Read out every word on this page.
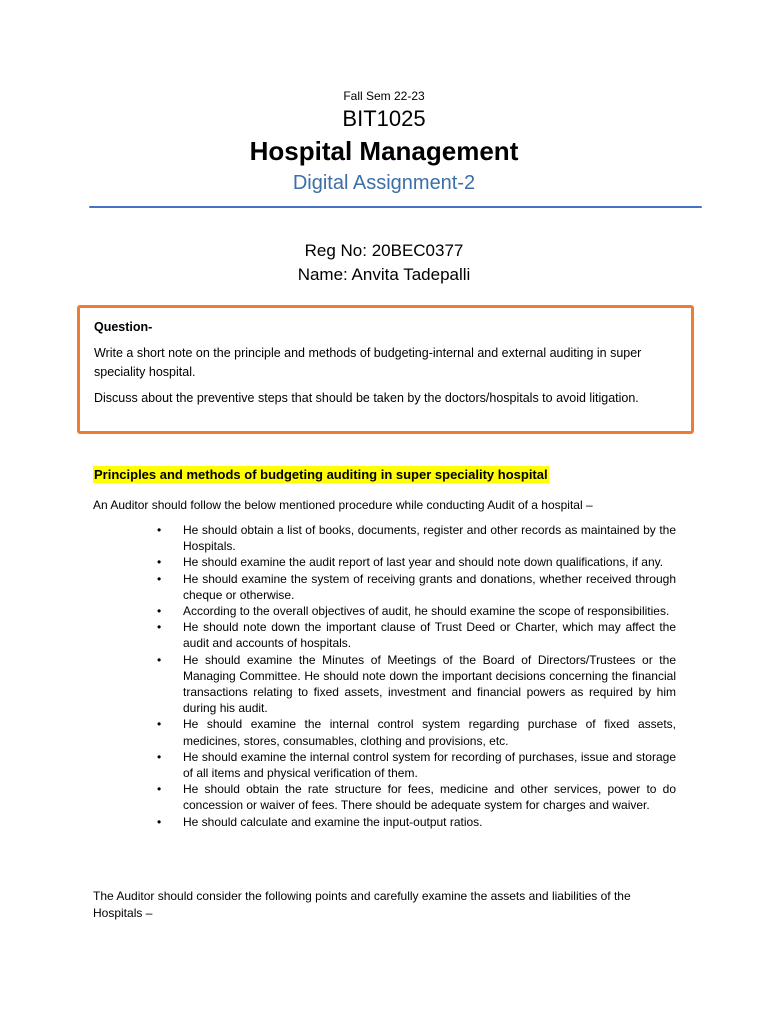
Fall Sem 22-23
BIT1025
Hospital Management
Digital Assignment-2
Reg No: 20BEC0377
Name: Anvita Tadepalli

Question-

Write a short note on the principle and methods of budgeting-internal and external auditing in super speciality hospital.

Discuss about the preventive steps that should be taken by the doctors/hospitals to avoid litigation.

Principles and methods of budgeting auditing in super speciality hospital
An Auditor should follow the below mentioned procedure while conducting Audit of a hospital –
• He should obtain a list of books, documents, register and other records as maintained by the Hospitals.
• He should examine the audit report of last year and should note down qualifications, if any.
• He should examine the system of receiving grants and donations, whether received through cheque or otherwise.
• According to the overall objectives of audit, he should examine the scope of responsibilities.
• He should note down the important clause of Trust Deed or Charter, which may affect the audit and accounts of hospitals.
• He should examine the Minutes of Meetings of the Board of Directors/Trustees or the Managing Committee. He should note down the important decisions concerning the financial transactions relating to fixed assets, investment and financial powers as required by him during his audit.
• He should examine the internal control system regarding purchase of fixed assets, medicines, stores, consumables, clothing and provisions, etc.
• He should examine the internal control system for recording of purchases, issue and storage of all items and physical verification of them.
• He should obtain the rate structure for fees, medicine and other services, power to do concession or waiver of fees. There should be adequate system for charges and waiver.
• He should calculate and examine the input-output ratios.
The Auditor should consider the following points and carefully examine the assets and liabilities of the Hospitals –
